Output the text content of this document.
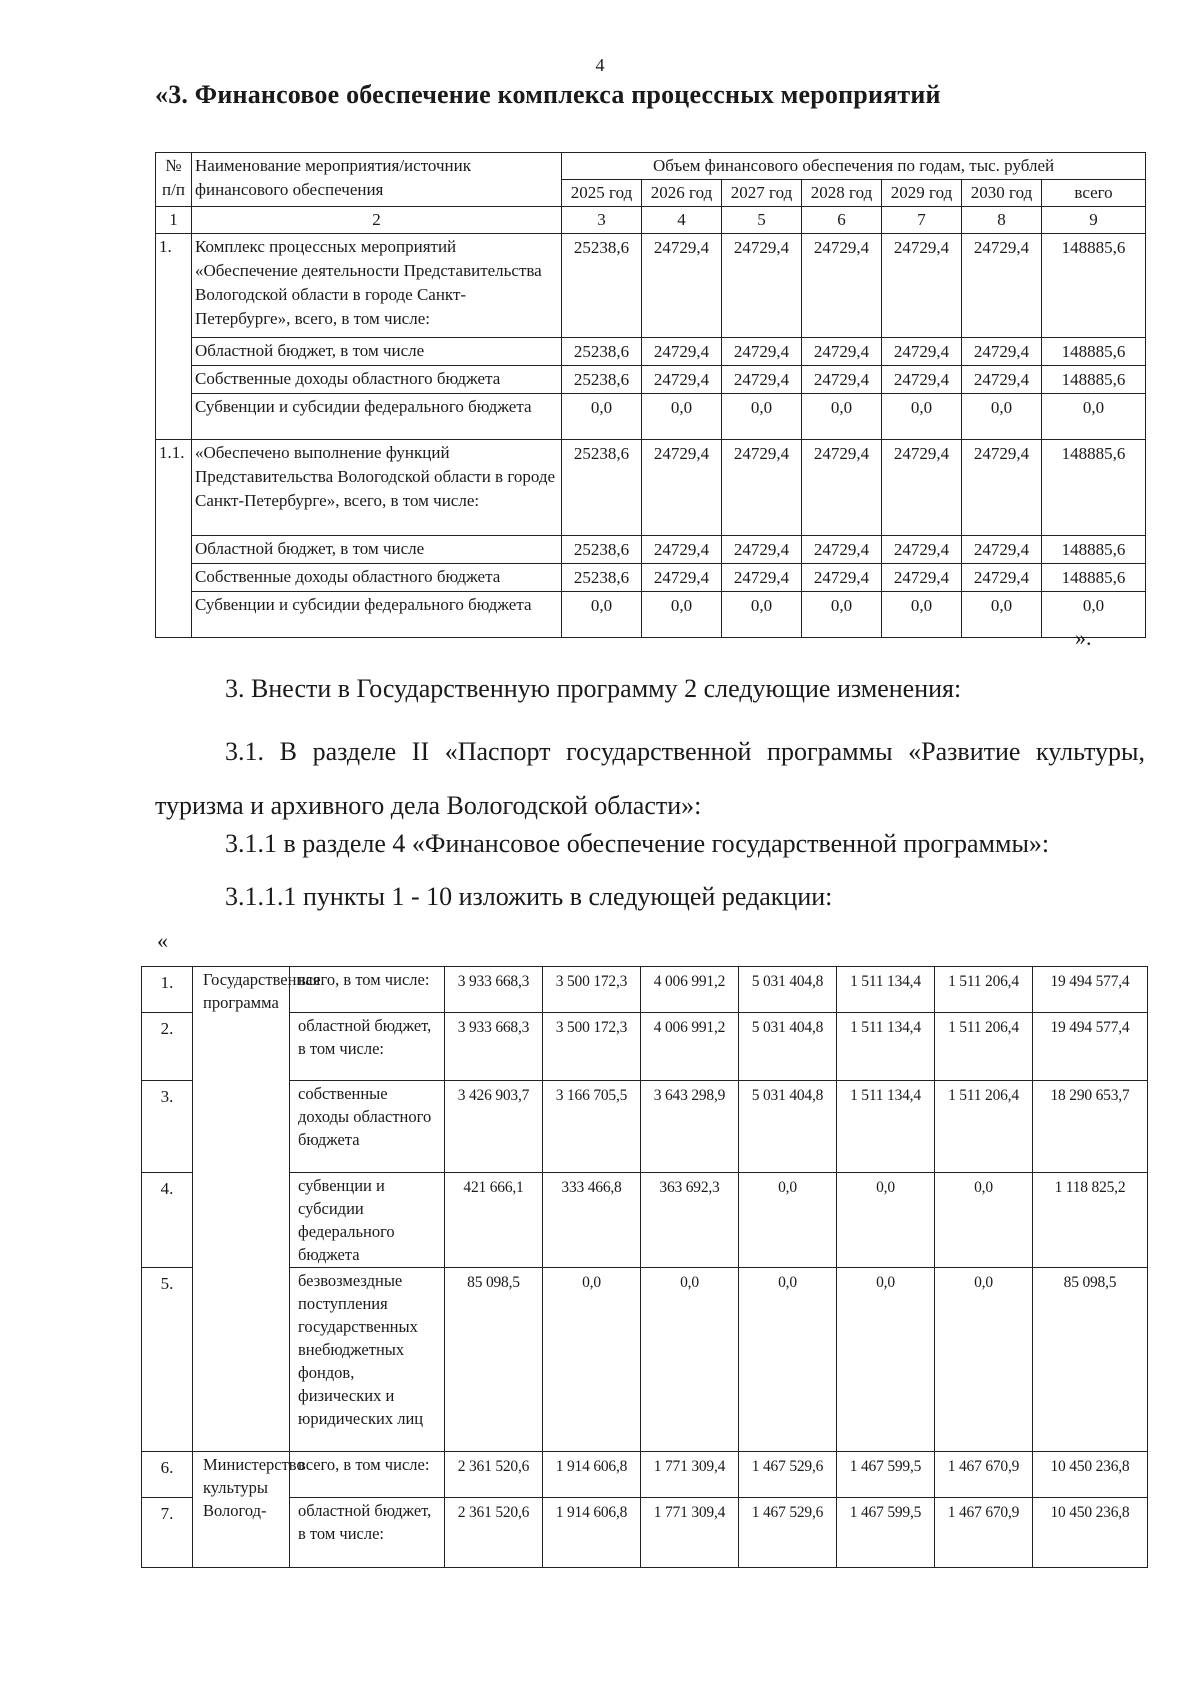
4
«3. Финансовое обеспечение комплекса процессных мероприятий
№ п/п	Наименование мероприятия/источник финансового обеспечения	Объем финансового обеспечения по годам, тыс. рублей						
		2025 год	2026 год	2027 год	2028 год	2029 год	2030 год	всего
1	2	3	4	5	6	7	8	9
1.	Комплекс процессных мероприятий «Обеспечение деятельности Представительства Вологодской области в городе Санкт-Петербурге», всего, в том числе:	25238,6	24729,4	24729,4	24729,4	24729,4	24729,4	148885,6
	Областной бюджет, в том числе	25238,6	24729,4	24729,4	24729,4	24729,4	24729,4	148885,6
	Собственные доходы областного бюджета	25238,6	24729,4	24729,4	24729,4	24729,4	24729,4	148885,6
	Субвенции и субсидии федерального бюджета	0,0	0,0	0,0	0,0	0,0	0,0	0,0
1.1.	«Обеспечено выполнение функций Представительства Вологодской области в городе Санкт-Петербурге», всего, в том числе:	25238,6	24729,4	24729,4	24729,4	24729,4	24729,4	148885,6
	Областной бюджет, в том числе	25238,6	24729,4	24729,4	24729,4	24729,4	24729,4	148885,6
	Собственные доходы областного бюджета	25238,6	24729,4	24729,4	24729,4	24729,4	24729,4	148885,6
	Субвенции и субсидии федерального бюджета	0,0	0,0	0,0	0,0	0,0	0,0	0,0
».
3. Внести в Государственную программу 2 следующие изменения:
3.1. В разделе II «Паспорт государственной программы «Развитие культуры, туризма и архивного дела Вологодской области»:
3.1.1 в разделе 4 «Финансовое обеспечение государственной программы»:
3.1.1.1 пункты 1 - 10 изложить в следующей редакции:
«
1.	Государственная программа	всего, в том числе:	3 933 668,3	3 500 172,3	4 006 991,2	5 031 404,8	1 511 134,4	1 511 206,4	19 494 577,4
2.		областной бюджет, в том числе:	3 933 668,3	3 500 172,3	4 006 991,2	5 031 404,8	1 511 134,4	1 511 206,4	19 494 577,4
3.		собственные доходы областного бюджета	3 426 903,7	3 166 705,5	3 643 298,9	5 031 404,8	1 511 134,4	1 511 206,4	18 290 653,7
4.		субвенции и субсидии федерального бюджета	421 666,1	333 466,8	363 692,3	0,0	0,0	0,0	1 118 825,2
5.		безвозмездные поступления государственных внебюджетных фондов, физических и юридических лиц	85 098,5	0,0	0,0	0,0	0,0	0,0	85 098,5
6.	Министерство культуры Вологод-	всего, в том числе:	2 361 520,6	1 914 606,8	1 771 309,4	1 467 529,6	1 467 599,5	1 467 670,9	10 450 236,8
7.		областной бюджет, в том числе:	2 361 520,6	1 914 606,8	1 771 309,4	1 467 529,6	1 467 599,5	1 467 670,9	10 450 236,8
